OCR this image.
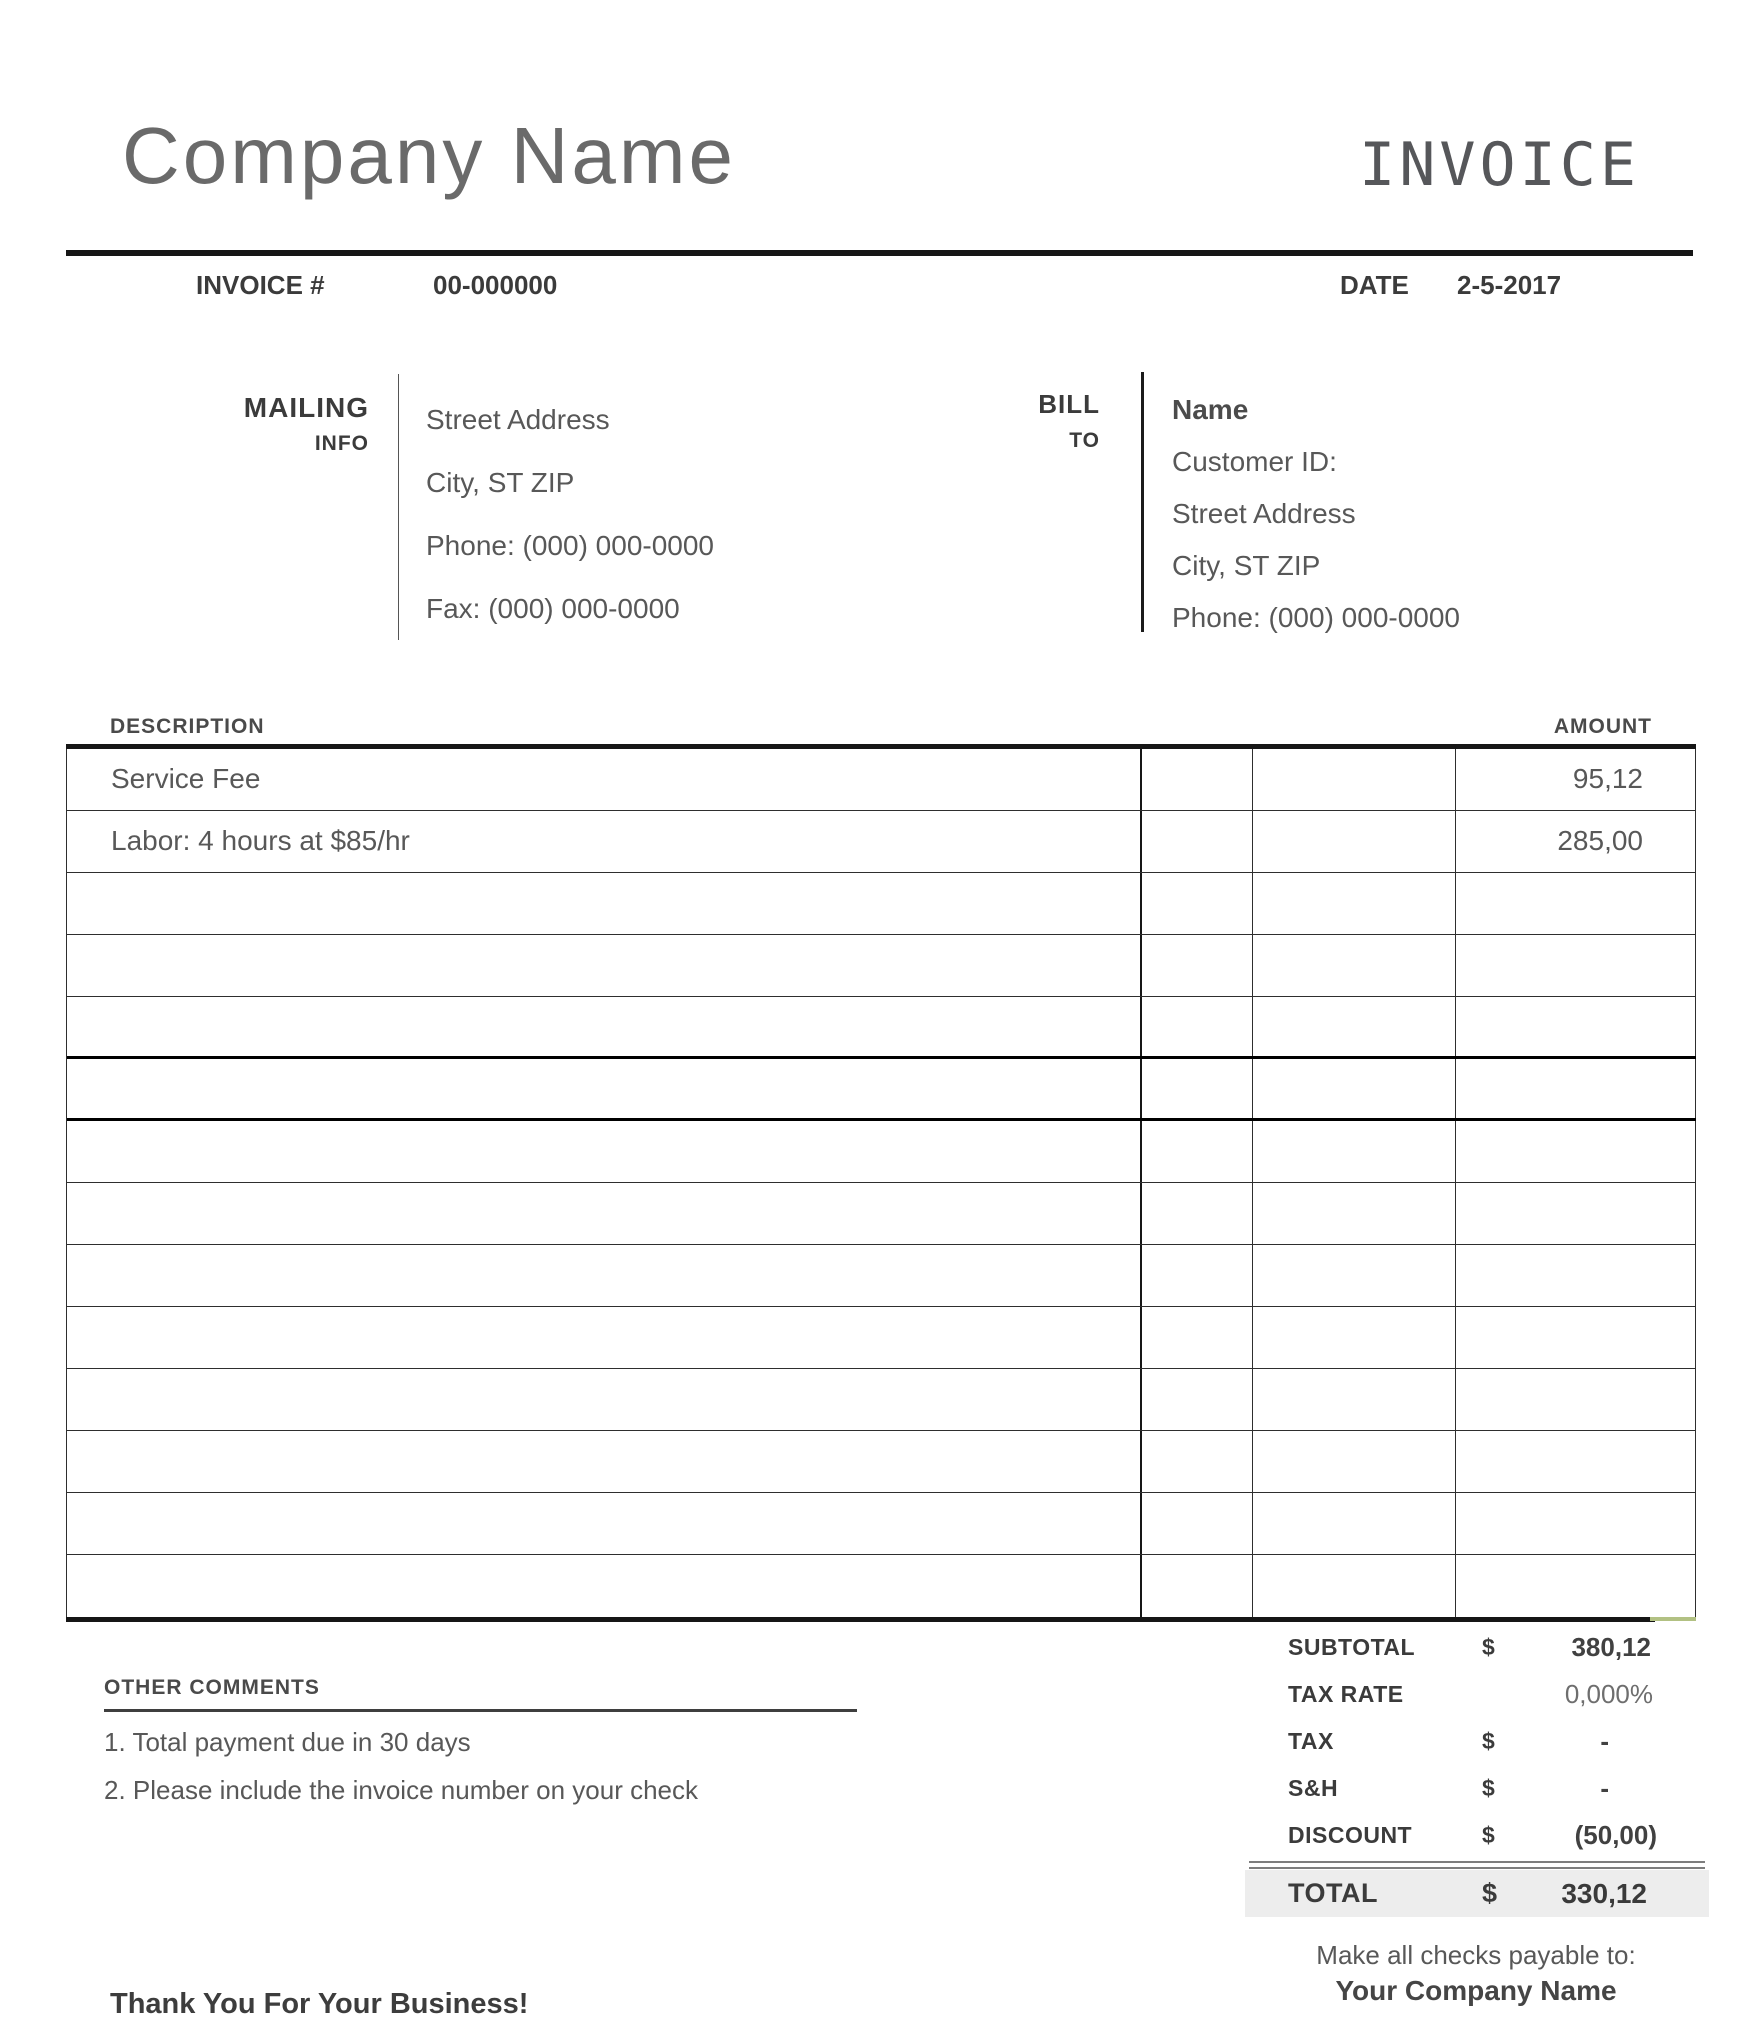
Company Name	INVOICE
INVOICE #	00-000000	DATE 2-5-2017
MAILING
INFO
Street Address
City, ST ZIP
Phone: (000) 000-0000
Fax: (000) 000-0000
BILL
TO
Name
Customer ID:
Street Address
City, ST ZIP
Phone: (000) 000-0000
DESCRIPTION	AMOUNT
Service Fee	95,12
Labor: 4 hours at $85/hr	285,00
SUBTOTAL	$	380,12
TAX RATE	0,000%
TAX	$	-
S&H	$	-
DISCOUNT	$	(50,00)
TOTAL	$	330,12
OTHER COMMENTS
1. Total payment due in 30 days
2. Please include the invoice number on your check
Make all checks payable to:
Your Company Name
Thank You For Your Business!
